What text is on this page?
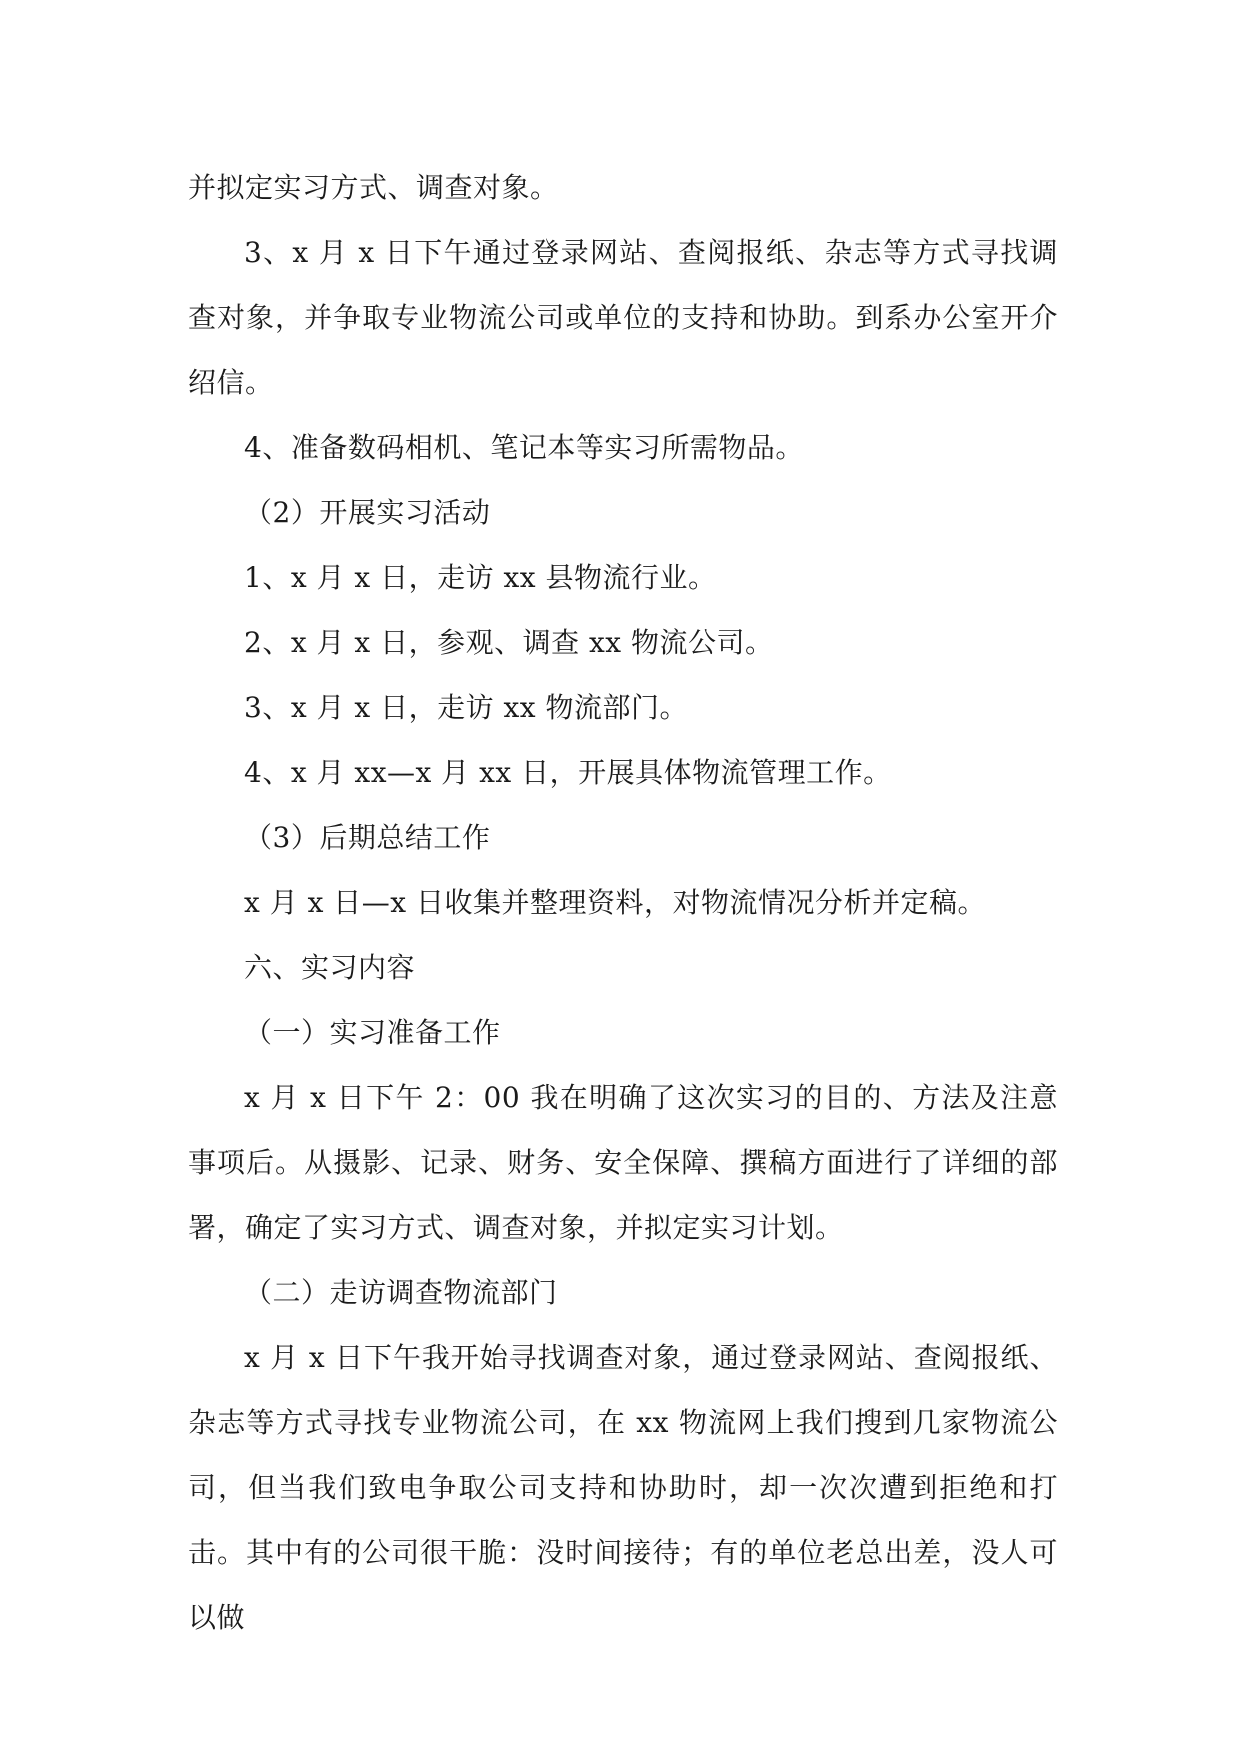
并拟定实习方式、调查对象。

3、x 月 x 日下午通过登录网站、查阅报纸、杂志等方式寻找调查对象，并争取专业物流公司或单位的支持和协助。到系办公室开介绍信。

4、准备数码相机、笔记本等实习所需物品。

（2）开展实习活动

1、x 月 x 日，走访 xx 县物流行业。

2、x 月 x 日，参观、调查 xx 物流公司。

3、x 月 x 日，走访 xx 物流部门。

4、x 月 xx—x 月 xx 日，开展具体物流管理工作。

（3）后期总结工作

x 月 x 日—x 日收集并整理资料，对物流情况分析并定稿。

六、实习内容

（一）实习准备工作

x 月 x 日下午 2：00 我在明确了这次实习的目的、方法及注意事项后。从摄影、记录、财务、安全保障、撰稿方面进行了详细的部署，确定了实习方式、调查对象，并拟定实习计划。

（二）走访调查物流部门

x 月 x 日下午我开始寻找调查对象，通过登录网站、查阅报纸、杂志等方式寻找专业物流公司，在 xx 物流网上我们搜到几家物流公司，但当我们致电争取公司支持和协助时，却一次次遭到拒绝和打击。其中有的公司很干脆：没时间接待；有的单位老总出差，没人可以做
